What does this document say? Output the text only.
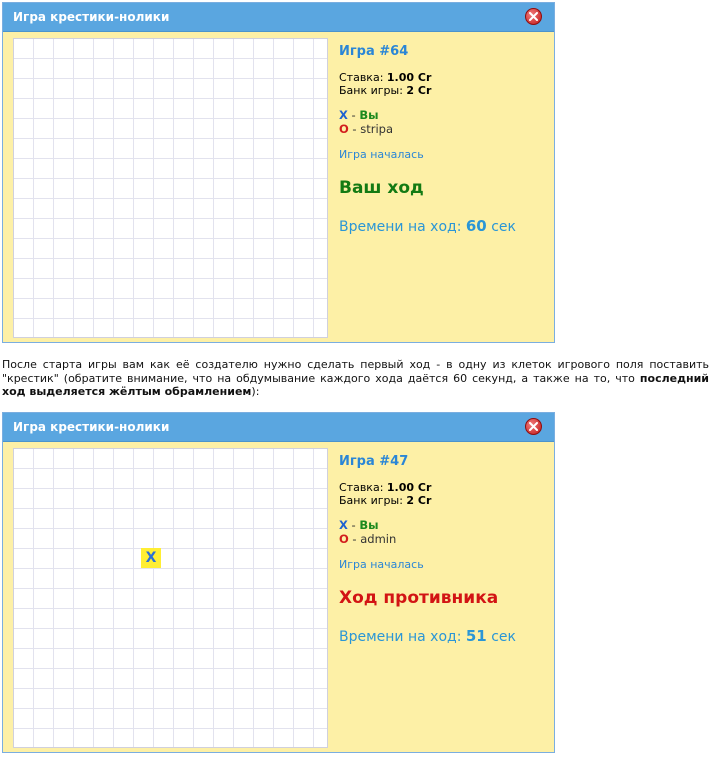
Игра крестики-нолики
Игра #64
Ставка: 1.00 Cr
Банк игры: 2 Cr
X - Вы
O - stripa
Игра началась
Ваш ход
Времени на ход: 60 сек
После старта игры вам как её создателю нужно сделать первый ход - в одну из клеток игрового поля поставить "крестик" (обратите внимание, что на обдумывание каждого хода даётся 60 секунд, а также на то, что последний ход выделяется жёлтым обрамлением):
Игра крестики-нолики
X
Игра #47
Ставка: 1.00 Cr
Банк игры: 2 Cr
X - Вы
O - admin
Игра началась
Ход противника
Времени на ход: 51 сек
